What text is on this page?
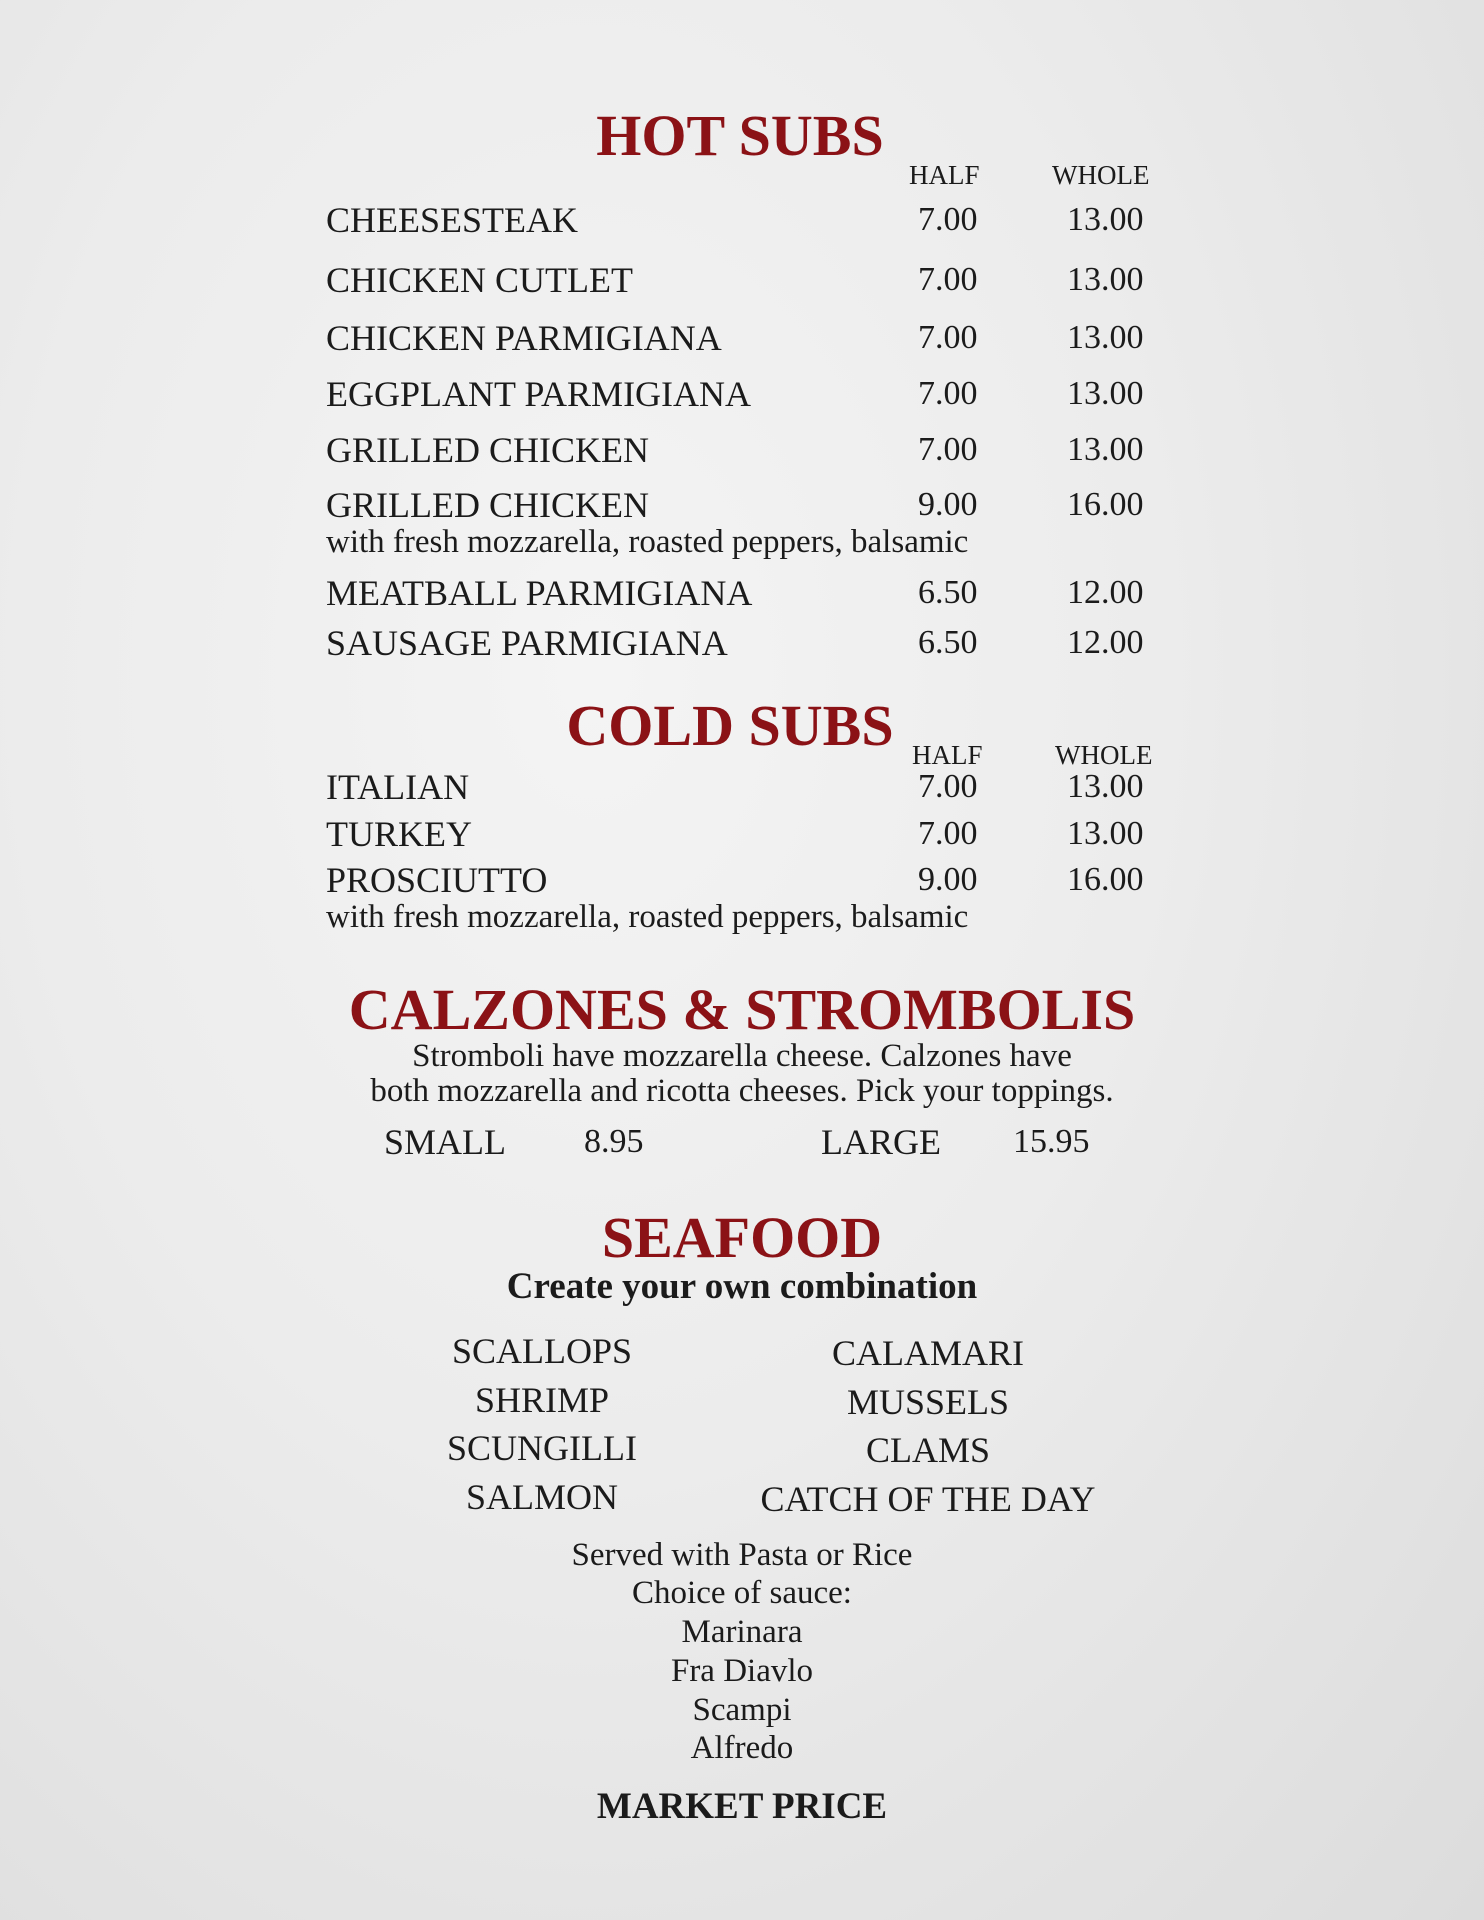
HOT SUBS
HALF	WHOLE
CHEESESTEAK	7.00	13.00
CHICKEN CUTLET	7.00	13.00
CHICKEN PARMIGIANA	7.00	13.00
EGGPLANT PARMIGIANA	7.00	13.00
GRILLED CHICKEN	7.00	13.00
GRILLED CHICKEN	9.00	16.00
with fresh mozzarella, roasted peppers, balsamic
MEATBALL PARMIGIANA	6.50	12.00
SAUSAGE PARMIGIANA	6.50	12.00
COLD SUBS HALF	WHOLE
ITALIAN	7.00	13.00
TURKEY	7.00	13.00
PROSCIUTTO	9.00	16.00
with fresh mozzarella, roasted peppers, balsamic
CALZONES & STROMBOLIS
Stromboli have mozzarella cheese. Calzones have
both mozzarella and ricotta cheeses. Pick your toppings.
SMALL 8.95	LARGE 15.95
SEAFOOD
Create your own combination
SCALLOPS
SHRIMP
SCUNGILLI
SALMON
CALAMARI
MUSSELS
CLAMS
CATCH OF THE DAY
Served with Pasta or Rice
Choice of sauce:
Marinara
Fra Diavlo
Scampi
Alfredo
MARKET PRICE
